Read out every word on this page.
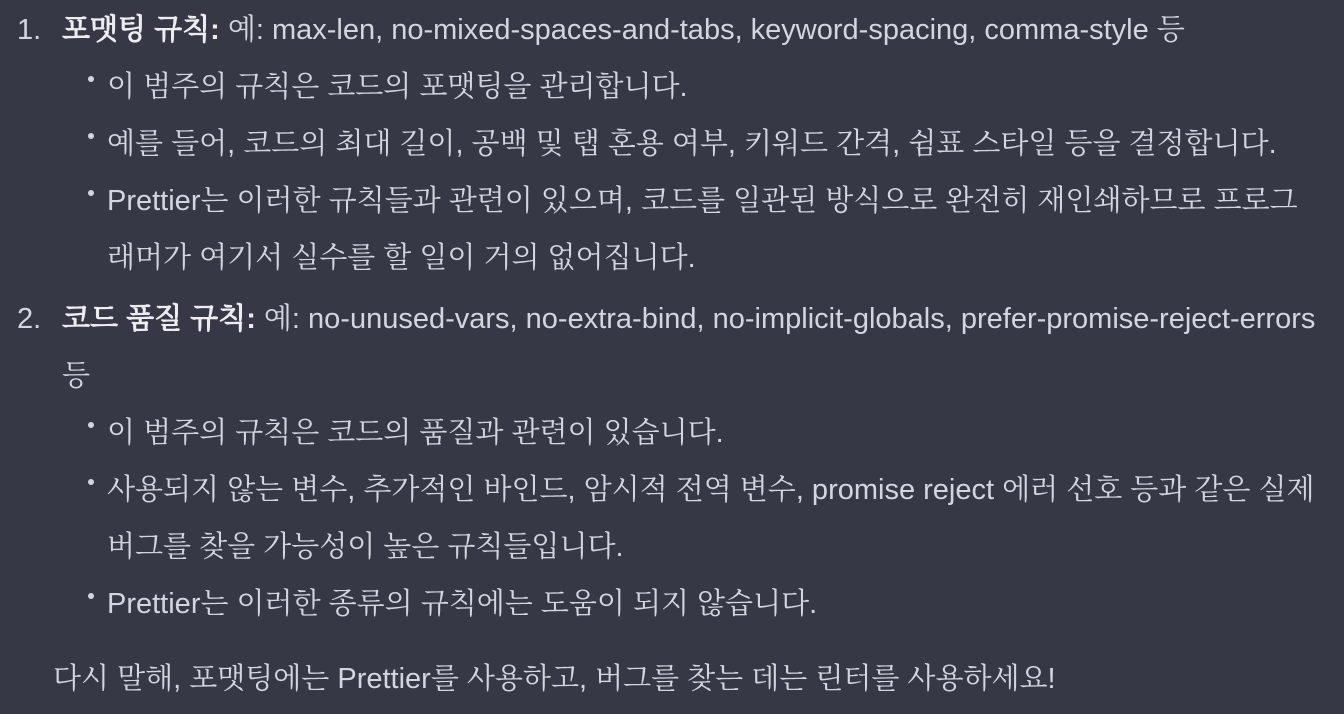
1. 포맷팅 규칙: 예: max-len, no-mixed-spaces-and-tabs, keyword-spacing, comma-style 등

이 범주의 규칙은 코드의 포맷팅을 관리합니다.
예를 들어, 코드의 최대 길이, 공백 및 탭 혼용 여부, 키워드 간격, 쉼표 스타일 등을 결정합니다.
Prettier는 이러한 규칙들과 관련이 있으며, 코드를 일관된 방식으로 완전히 재인쇄하므로 프로그래머가 여기서 실수를 할 일이 거의 없어집니다.
2. 코드 품질 규칙: 예: no-unused-vars, no-extra-bind, no-implicit-globals, prefer-promise-reject-errors 등

이 범주의 규칙은 코드의 품질과 관련이 있습니다.
사용되지 않는 변수, 추가적인 바인드, 암시적 전역 변수, promise reject 에러 선호 등과 같은 실제 버그를 찾을 가능성이 높은 규칙들입니다.
Prettier는 이러한 종류의 규칙에는 도움이 되지 않습니다.

다시 말해, 포맷팅에는 Prettier를 사용하고, 버그를 찾는 데는 린터를 사용하세요!
